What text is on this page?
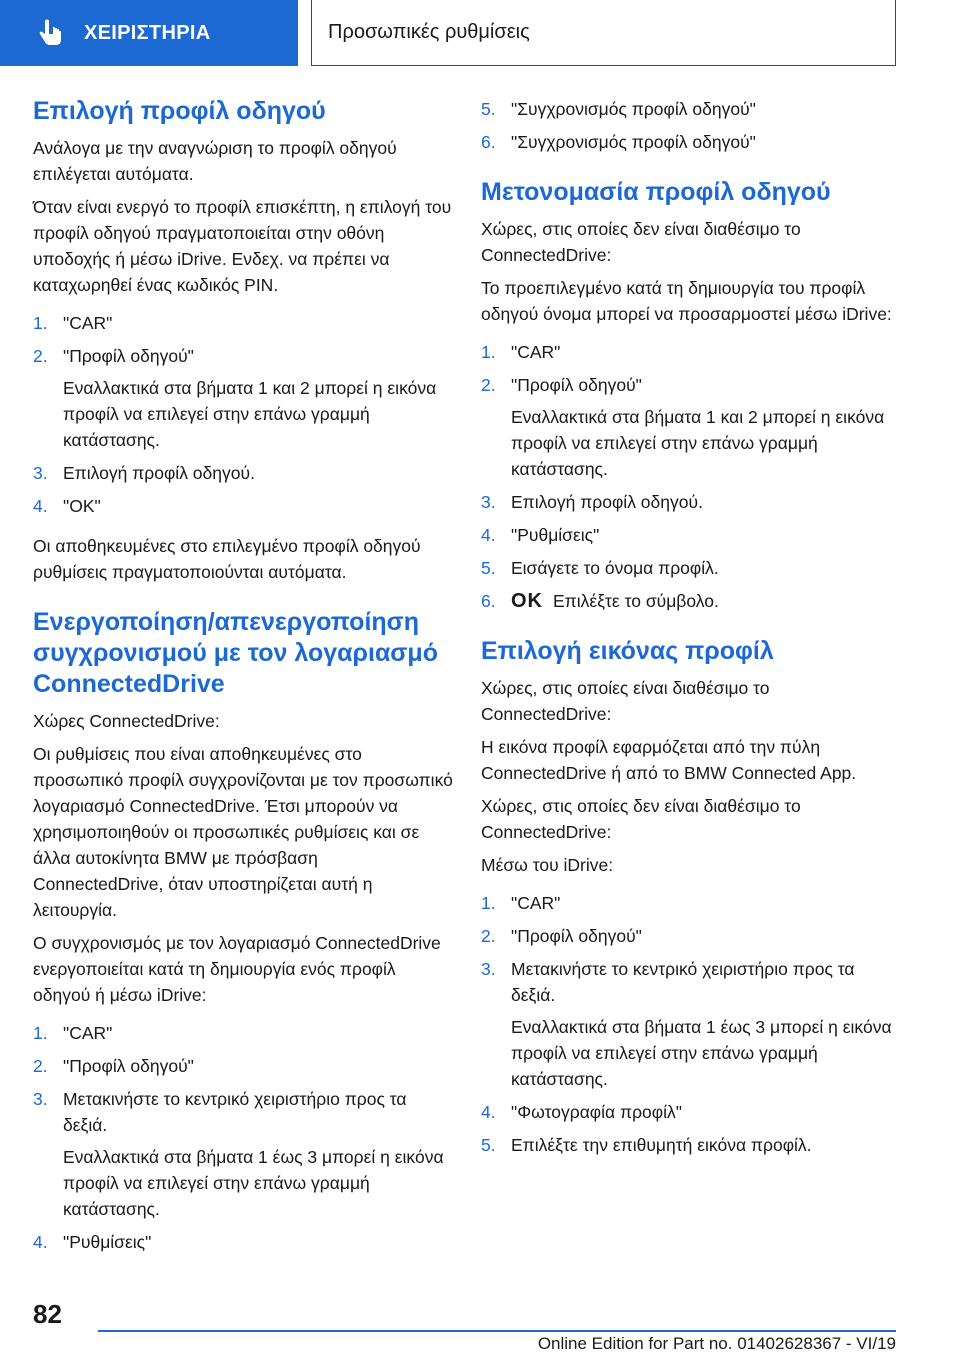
ΧΕΙΡΙΣΤΗΡΙΑ	Προσωπικές ρυθμίσεις
Επιλογή προφίλ οδηγού

Ανάλογα με την αναγνώριση το προφίλ οδηγού επιλέγεται αυτόματα.

Όταν είναι ενεργό το προφίλ επισκέπτη, η επιλογή του προφίλ οδηγού πραγματοποιείται στην οθόνη υποδοχής ή μέσω iDrive. Ενδεχ. να πρέπει να καταχωρηθεί ένας κωδικός PIN.

1. "CAR"
2. "Προφίλ οδηγού"
Εναλλακτικά στα βήματα 1 και 2 μπορεί η εικόνα προφίλ να επιλεγεί στην επάνω γραμμή κατάστασης.
3. Επιλογή προφίλ οδηγού.
4. "OK"

Οι αποθηκευμένες στο επιλεγμένο προφίλ οδηγού ρυθμίσεις πραγματοποιούνται αυτόματα.

Ενεργοποίηση/απενεργοποίηση συγχρονισμού με τον λογαριασμό ConnectedDrive

Χώρες ConnectedDrive:

Οι ρυθμίσεις που είναι αποθηκευμένες στο προσωπικό προφίλ συγχρονίζονται με τον προσωπικό λογαριασμό ConnectedDrive. Έτσι μπορούν να χρησιμοποιηθούν οι προσωπικές ρυθμίσεις και σε άλλα αυτοκίνητα BMW με πρόσβαση ConnectedDrive, όταν υποστηρίζεται αυτή η λειτουργία.

Ο συγχρονισμός με τον λογαριασμό ConnectedDrive ενεργοποιείται κατά τη δημιουργία ενός προφίλ οδηγού ή μέσω iDrive:

1. "CAR"
2. "Προφίλ οδηγού"
3. Μετακινήστε το κεντρικό χειριστήριο προς τα δεξιά.
Εναλλακτικά στα βήματα 1 έως 3 μπορεί η εικόνα προφίλ να επιλεγεί στην επάνω γραμμή κατάστασης.
4. "Ρυθμίσεις"
5. "Συγχρονισμός προφίλ οδηγού"
6. "Συγχρονισμός προφίλ οδηγού"
Μετονομασία προφίλ οδηγού

Χώρες, στις οποίες δεν είναι διαθέσιμο το ConnectedDrive:

Το προεπιλεγμένο κατά τη δημιουργία του προφίλ οδηγού όνομα μπορεί να προσαρμοστεί μέσω iDrive:

1. "CAR"
2. "Προφίλ οδηγού"
Εναλλακτικά στα βήματα 1 και 2 μπορεί η εικόνα προφίλ να επιλεγεί στην επάνω γραμμή κατάστασης.
3. Επιλογή προφίλ οδηγού.
4. "Ρυθμίσεις"
5. Εισάγετε το όνομα προφίλ.
6. OK Επιλέξτε το σύμβολο.
Επιλογή εικόνας προφίλ

Χώρες, στις οποίες είναι διαθέσιμο το ConnectedDrive:

Η εικόνα προφίλ εφαρμόζεται από την πύλη ConnectedDrive ή από το BMW Connected App.

Χώρες, στις οποίες δεν είναι διαθέσιμο το ConnectedDrive:

Μέσω του iDrive:

1. "CAR"
2. "Προφίλ οδηγού"
3. Μετακινήστε το κεντρικό χειριστήριο προς τα δεξιά.
Εναλλακτικά στα βήματα 1 έως 3 μπορεί η εικόνα προφίλ να επιλεγεί στην επάνω γραμμή κατάστασης.
4. "Φωτογραφία προφίλ"
5. Επιλέξτε την επιθυμητή εικόνα προφίλ.
82
Online Edition for Part no. 01402628367 - VI/19
